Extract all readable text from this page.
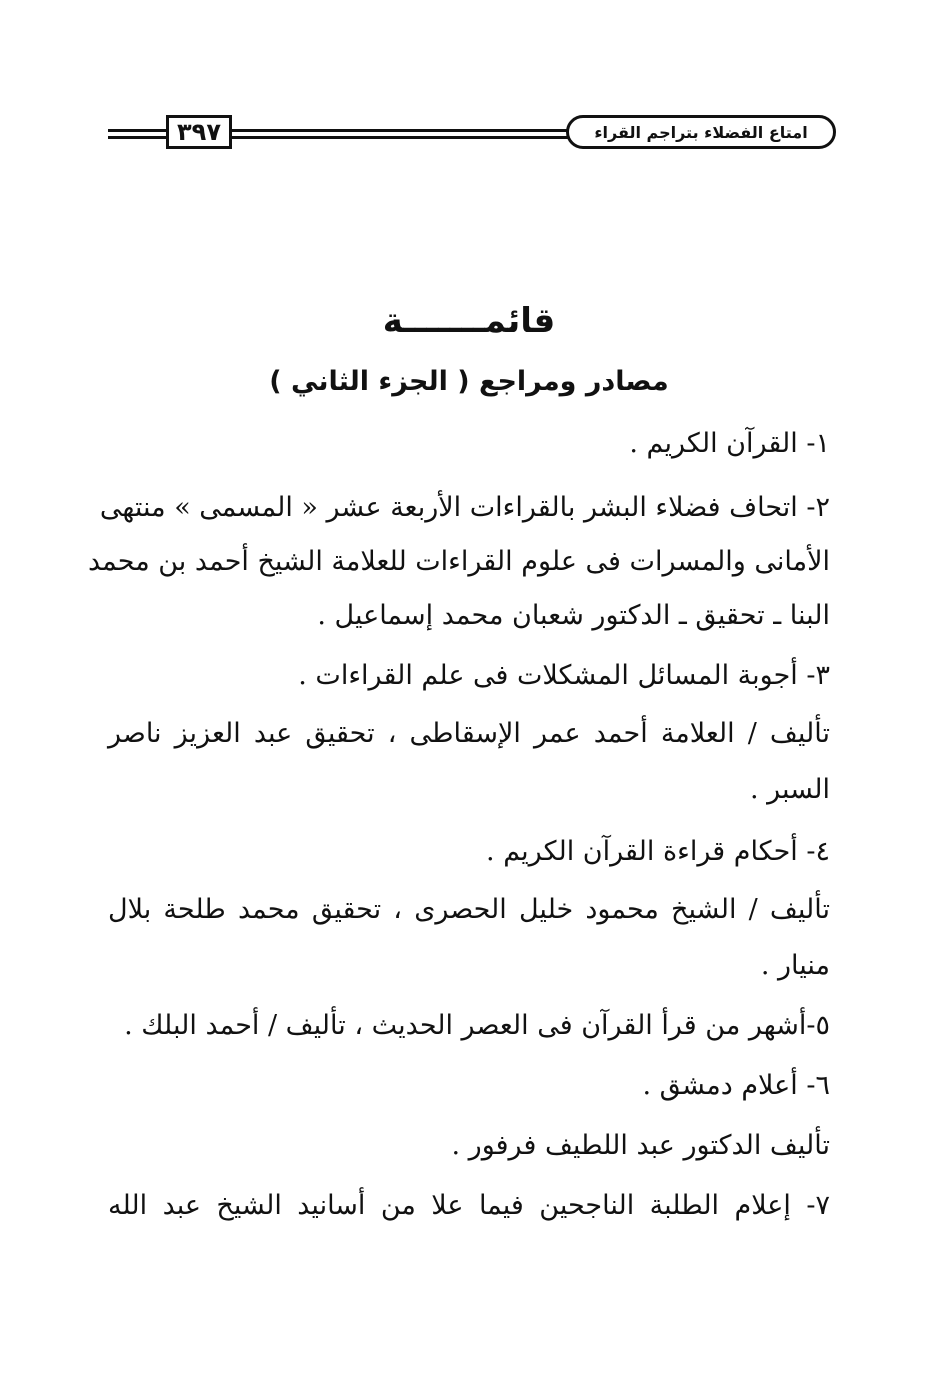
٣٩٧	امتاع الفضلاء بتراجم القراء
قائمـــــــة
مصادر ومراجع ( الجزء الثاني )
١- القرآن الكريم .
٢- اتحاف فضلاء البشر بالقراءات الأربعة عشر « المسمى » منتهى
الأمانى والمسرات فى علوم القراءات للعلامة الشيخ أحمد بن محمد
البنا ـ تحقيق ـ الدكتور شعبان محمد إسماعيل .
٣- أجوبة المسائل المشكلات فى علم القراءات .
تأليف / العلامة أحمد عمر الإسقاطى ، تحقيق عبد العزيز ناصر
السبر .
٤- أحكام قراءة القرآن الكريم .
تأليف / الشيخ محمود خليل الحصرى ، تحقيق محمد طلحة بلال
منيار .
٥-أشهر من قرأ القرآن فى العصر الحديث ، تأليف / أحمد البلك .
٦- أعلام دمشق .
تأليف الدكتور عبد اللطيف فرفور .
٧- إعلام الطلبة الناجحين فيما علا من أسانيد الشيخ عبد الله
